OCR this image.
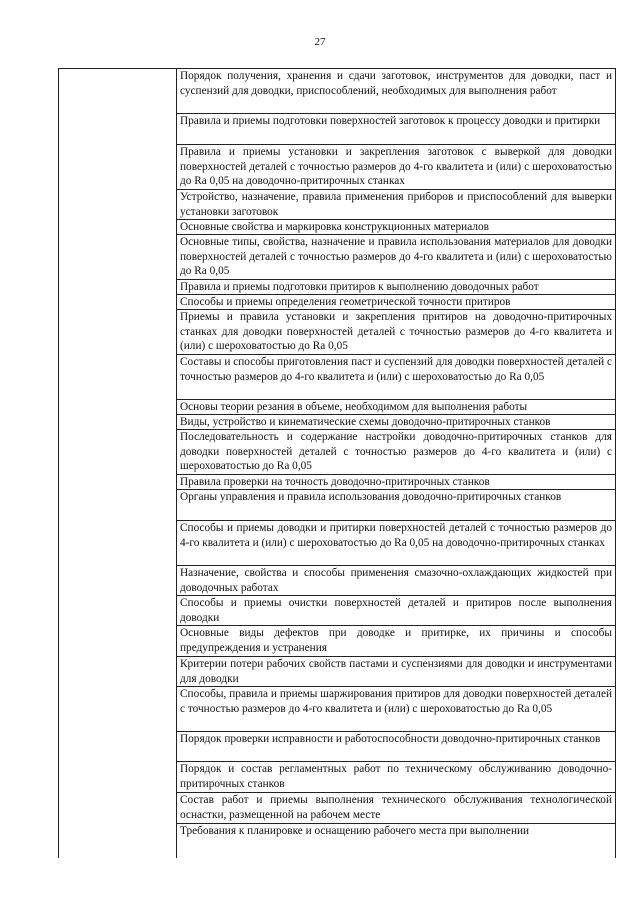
27
Порядок получения, хранения и сдачи заготовок, инструментов для доводки, паст и суспензий для доводки, приспособлений, необходимых для выполнения работ
Правила и приемы подготовки поверхностей заготовок к процессу доводки и притирки
Правила и приемы установки и закрепления заготовок с выверкой для доводки поверхностей деталей с точностью размеров до 4-го квалитета и (или) с шероховатостью до Ra 0,05 на доводочно-притирочных станках
Устройство, назначение, правила применения приборов и приспособлений для выверки установки заготовок
Основные свойства и маркировка конструкционных материалов
Основные типы, свойства, назначение и правила использования материалов для доводки поверхностей деталей с точностью размеров до 4-го квалитета и (или) с шероховатостью до Ra 0,05
Правила и приемы подготовки притиров к выполнению доводочных работ
Способы и приемы определения геометрической точности притиров
Приемы и правила установки и закрепления притиров на доводочно-притирочных станках для доводки поверхностей деталей с точностью размеров до 4-го квалитета и (или) с шероховатостью до Ra 0,05
Составы и способы приготовления паст и суспензий для доводки поверхностей деталей с точностью размеров до 4-го квалитета и (или) с шероховатостью до Ra 0,05
Основы теории резания в объеме, необходимом для выполнения работы
Виды, устройство и кинематические схемы доводочно-притирочных станков
Последовательность и содержание настройки доводочно-притирочных станков для доводки поверхностей деталей с точностью размеров до 4-го квалитета и (или) с шероховатостью до Ra 0,05
Правила проверки на точность доводочно-притирочных станков
Органы управления и правила использования доводочно-притирочных станков
Способы и приемы доводки и притирки поверхностей деталей с точностью размеров до 4-го квалитета и (или) с шероховатостью до Ra 0,05 на доводочно-притирочных станках
Назначение, свойства и способы применения смазочно-охлаждающих жидкостей при доводочных работах
Способы и приемы очистки поверхностей деталей и притиров после выполнения доводки
Основные виды дефектов при доводке и притирке, их причины и способы предупреждения и устранения
Критерии потери рабочих свойств пастами и суспензиями для доводки и инструментами для доводки
Способы, правила и приемы шаржирования притиров для доводки поверхностей деталей с точностью размеров до 4-го квалитета и (или) с шероховатостью до Ra 0,05
Порядок проверки исправности и работоспособности доводочно-притирочных станков
Порядок и состав регламентных работ по техническому обслуживанию доводочно-притирочных станков
Состав работ и приемы выполнения технического обслуживания технологической оснастки, размещенной на рабочем месте
Требования к планировке и оснащению рабочего места при выполнении
